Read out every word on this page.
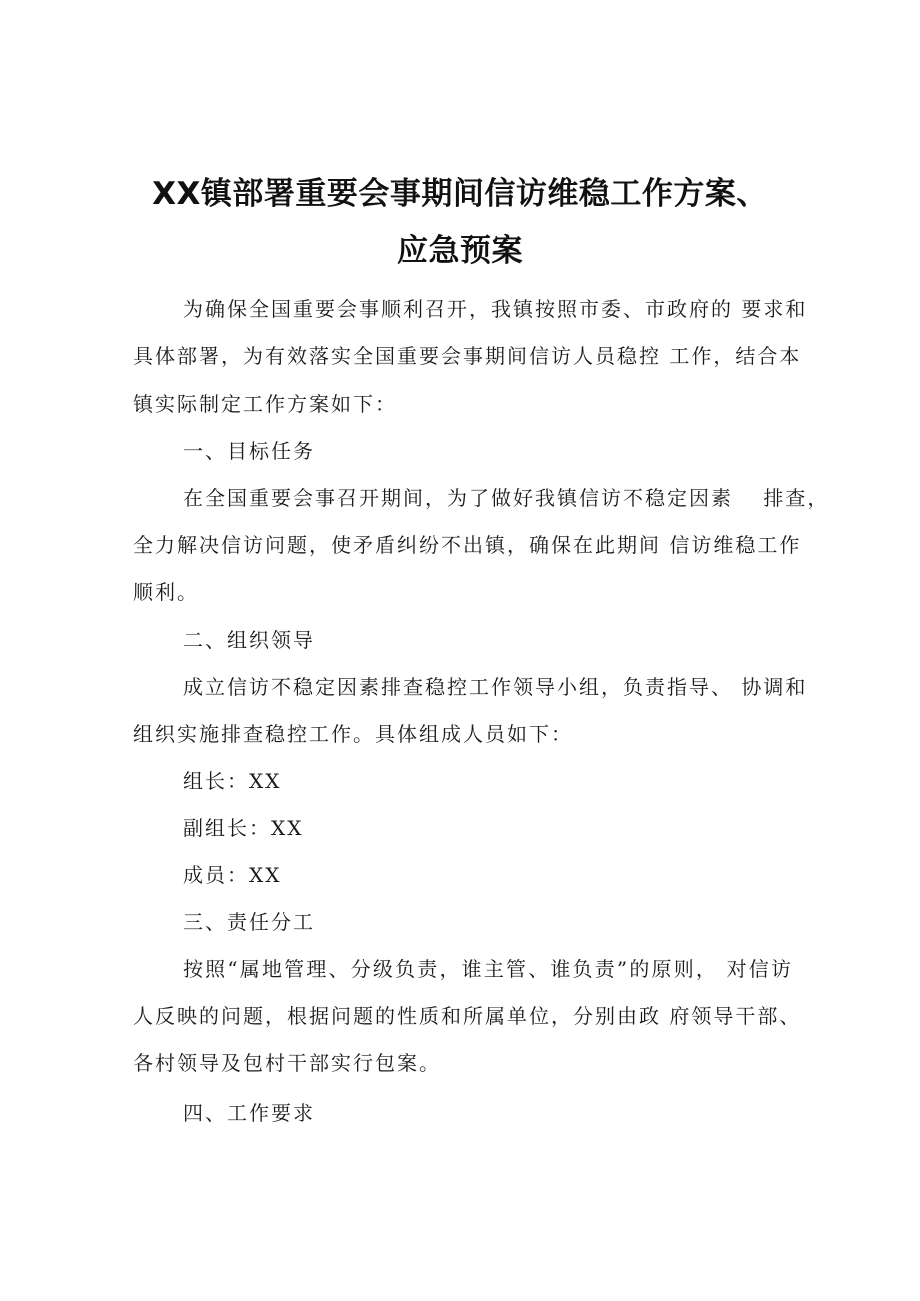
XX镇部署重要会事期间信访维稳工作方案、
应急预案
为确保全国重要会事顺利召开，我镇按照市委、市政府的 要求和
具体部署，为有效落实全国重要会事期间信访人员稳控 工作，结合本
镇实际制定工作方案如下：
一、目标任务
在全国重要会事召开期间，为了做好我镇信访不稳定因素　 排查，
全力解决信访问题，使矛盾纠纷不出镇，确保在此期间 信访维稳工作
顺利。
二、组织领导
成立信访不稳定因素排查稳控工作领导小组，负责指导、 协调和
组织实施排查稳控工作。具体组成人员如下：
组长：XX
副组长：XX
成员：XX
三、责任分工
按照“属地管理、分级负责，谁主管、谁负责”的原则， 对信访
人反映的问题，根据问题的性质和所属单位，分别由政 府领导干部、
各村领导及包村干部实行包案。
四、工作要求
